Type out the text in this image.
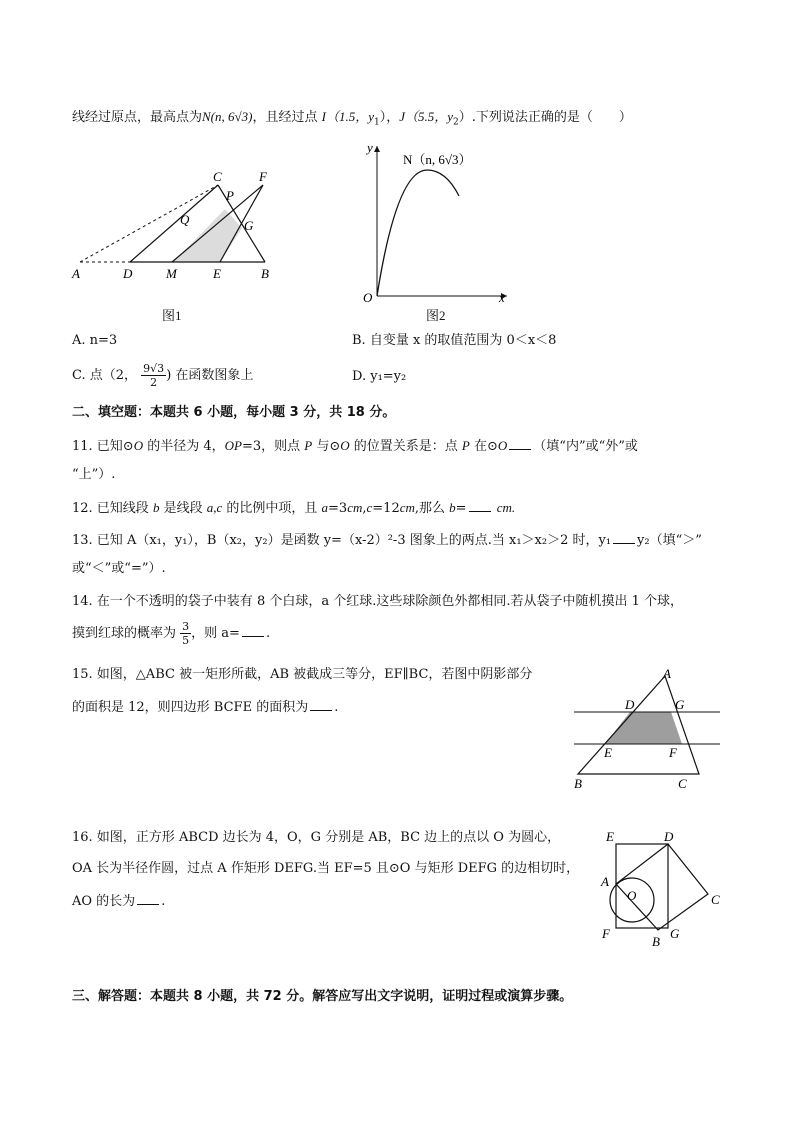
线经过原点，最高点为N(n, 6√3)，且经过点 I（1.5，$y_1$），J（5.5，$y_2$）.下列说法正确的是（　　）
A	D	M	E	B
C	F
P
Q	G
图1
y
x
O
N（n, 6√3）
图2
A. n=3	B. 自变量 x 的取值范围为 0＜x＜8
C. 点（2， $\frac{9√3}{2}$ ) 在函数图象上	D. y₁=y₂
二、填空题：本题共 6 小题，每小题 3 分，共 18 分。
11. 已知⊙O 的半径为 4，OP=3，则点 P 与⊙O 的位置关系是：点 P 在⊙O （填“内”或“外”或
“上”）.
12. 已知线段 b 是线段 a,c 的比例中项，且 a=3cm,c=12cm,那么 b= cm.
13. 已知 A（x₁，y₁），B（x₂，y₂）是函数 y=（x-2）²-3 图象上的两点.当 x₁＞x₂＞2 时，y₁ y₂（填“＞”
或“＜”或“=”）.
14. 在一个不透明的袋子中装有 8 个白球，a 个红球.这些球除颜色外都相同.若从袋子中随机摸出 1 个球，
摸到红球的概率为 $\frac{3}{5}$ ，则 a= .
15. 如图，△ABC 被一矩形所截，AB 被截成三等分，EF∥BC，若图中阴影部分
的面积是 12，则四边形 BCFE 的面积为 .
A
D	G
E	F
B	C
16. 如图，正方形 ABCD 边长为 4，O，G 分别是 AB，BC 边上的点以 O 为圆心，
OA 长为半径作圆，过点 A 作矩形 DEFG.当 EF=5 且⊙O 与矩形 DEFG 的边相切时，
AO 的长为 .
E	D
A
O	C
F
B
G
三、解答题：本题共 8 小题，共 72 分。解答应写出文字说明，证明过程或演算步骤。
